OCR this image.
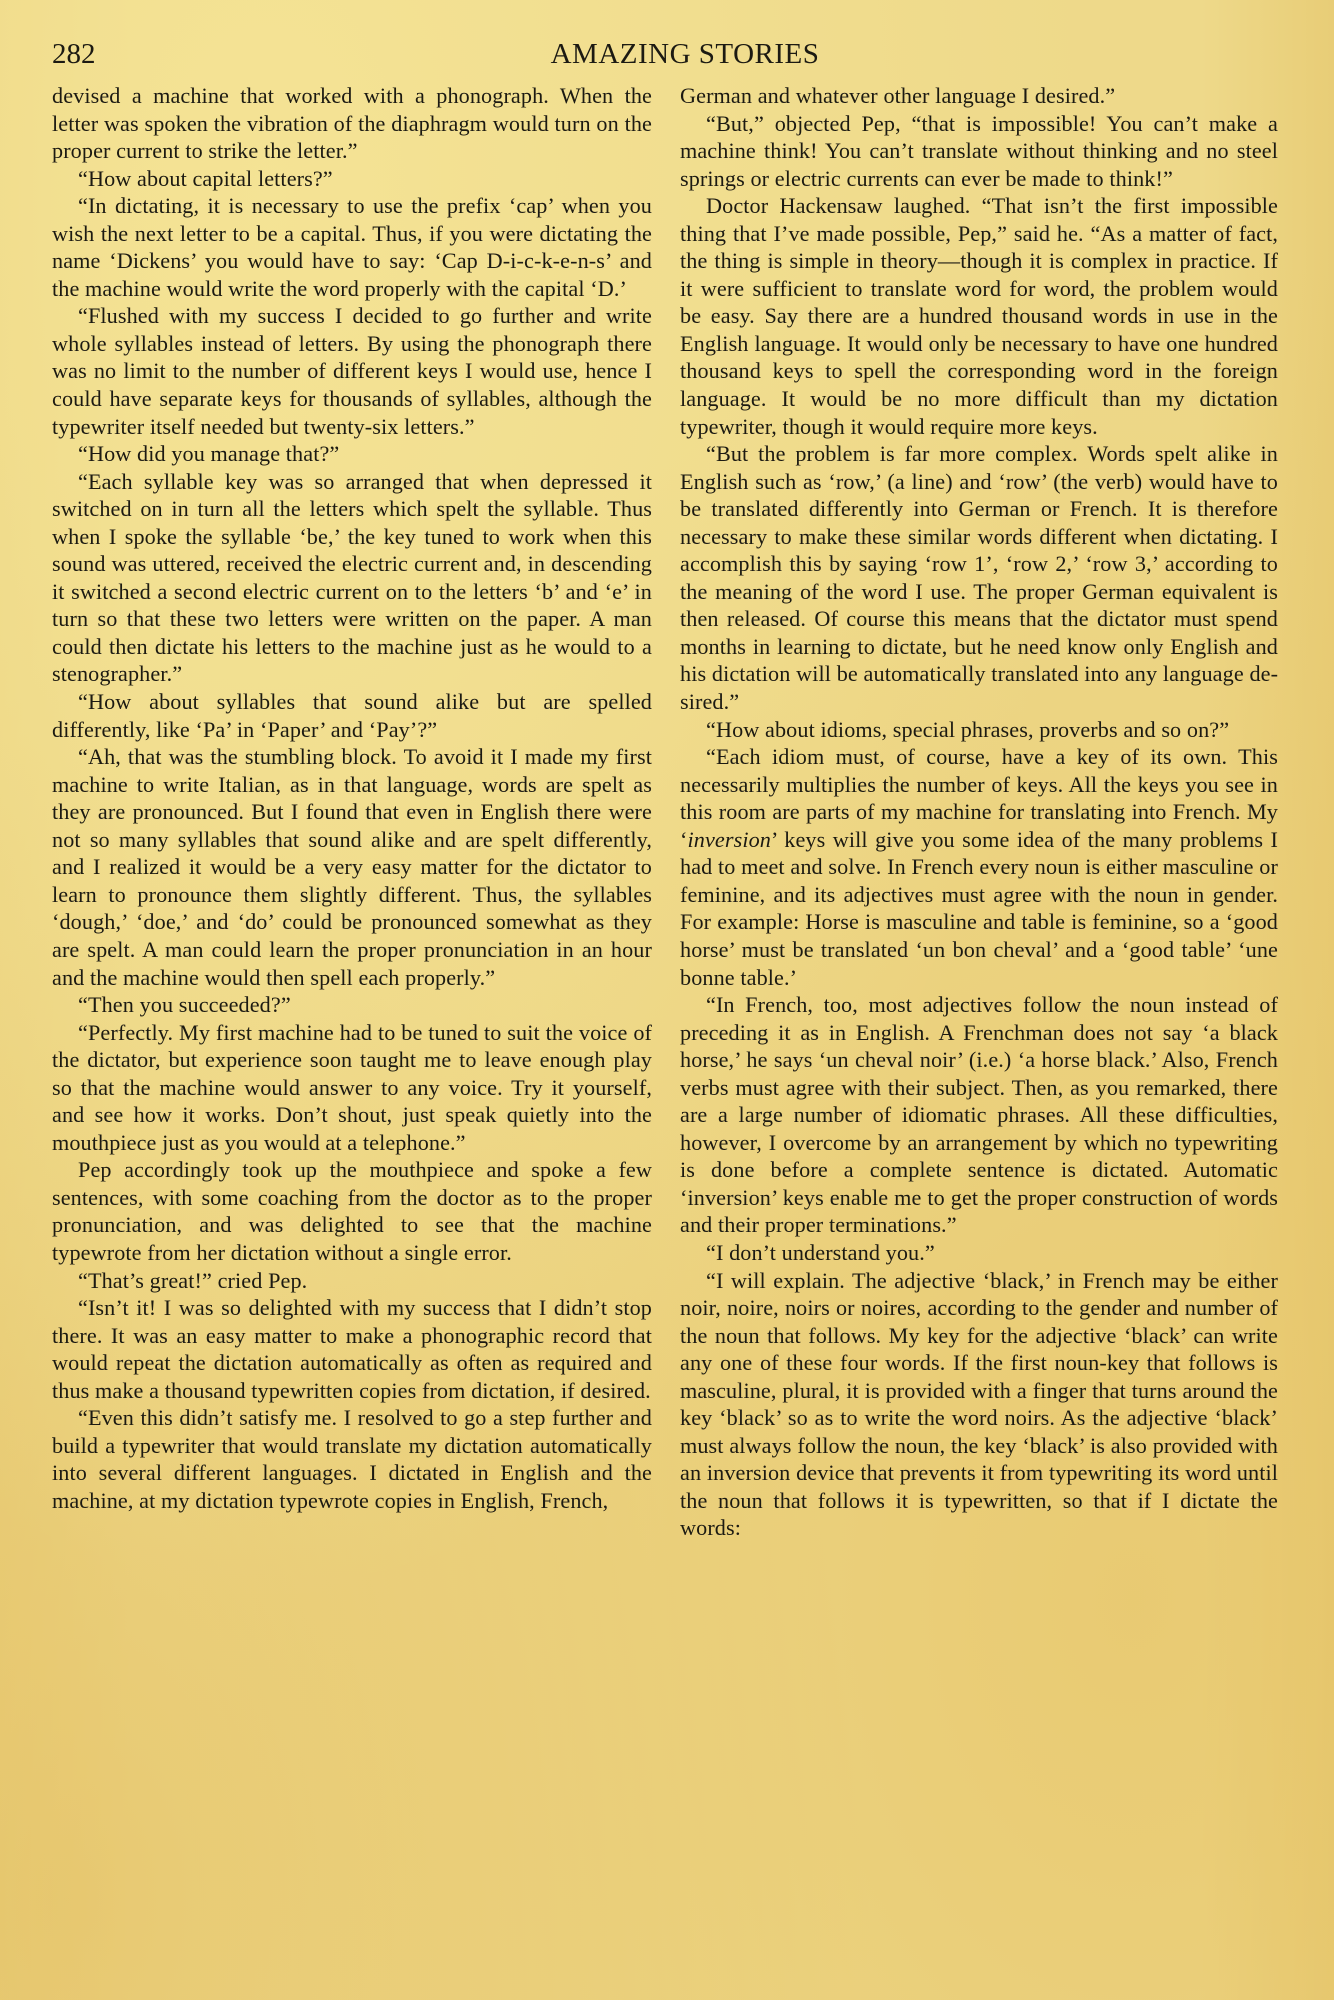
282	AMAZING STORIES

devised a machine that worked with a phonograph. When the letter was spoken the vibration of the diaphragm would turn on the proper current to strike the letter.”

“How about capital letters?”

“In dictating, it is necessary to use the prefix ‘cap’ when you wish the next letter to be a capital. Thus, if you were dictating the name ‘Dickens’ you would have to say: ‘Cap D-i-c-k-e-n-s’ and the machine would write the word properly with the capital ‘D.’

“Flushed with my success I decided to go further and write whole syllables instead of letters. By using the phonograph there was no limit to the number of different keys I would use, hence I could have separate keys for thousands of syllables, although the typewriter itself needed but twenty-six letters.”

“How did you manage that?”

“Each syllable key was so arranged that when depressed it switched on in turn all the letters which spelt the syllable. Thus when I spoke the syllable ‘be,’ the key tuned to work when this sound was uttered, received the electric current and, in descending it switched a second electric current on to the letters ‘b’ and ‘e’ in turn so that these two letters were written on the paper. A man could then dictate his letters to the machine just as he would to a stenographer.”

“How about syllables that sound alike but are spelled differently, like ‘Pa’ in ‘Paper’ and ‘Pay’?”

“Ah, that was the stumbling block. To avoid it I made my first machine to write Italian, as in that language, words are spelt as they are pronounced. But I found that even in English there were not so many syllables that sound alike and are spelt differently, and I realized it would be a very easy matter for the dictator to learn to pronounce them slightly different. Thus, the syllables ‘dough,’ ‘doe,’ and ‘do’ could be pronounced somewhat as they are spelt. A man could learn the proper pronunciation in an hour and the machine would then spell each properly.”

“Then you succeeded?”

“Perfectly. My first machine had to be tuned to suit the voice of the dictator, but experience soon taught me to leave enough play so that the machine would answer to any voice. Try it yourself, and see how it works. Don’t shout, just speak quietly into the mouthpiece just as you would at a telephone.”

Pep accordingly took up the mouthpiece and spoke a few sentences, with some coaching from the doctor as to the proper pronunciation, and was delighted to see that the machine typewrote from her dictation without a single error.

“That’s great!” cried Pep.

“Isn’t it! I was so delighted with my success that I didn’t stop there. It was an easy matter to make a phonographic record that would repeat the dictation automatically as often as required and thus make a thousand typewritten copies from dictation, if desired.

“Even this didn’t satisfy me. I resolved to go a step further and build a typewriter that would translate my dictation automatically into several different languages. I dictated in English and the machine, at my dictation typewrote copies in English, French,

German and whatever other language I desired.”

“But,” objected Pep, “that is impossible! You can’t make a machine think! You can’t translate without thinking and no steel springs or electric currents can ever be made to think!”

Doctor Hackensaw laughed. “That isn’t the first impossible thing that I’ve made possible, Pep,” said he. “As a matter of fact, the thing is simple in theory—though it is complex in practice. If it were sufficient to translate word for word, the problem would be easy. Say there are a hundred thousand words in use in the English language. It would only be necessary to have one hundred thousand keys to spell the corresponding word in the foreign language. It would be no more difficult than my dictation typewriter, though it would require more keys.

“But the problem is far more complex. Words spelt alike in English such as ‘row,’ (a line) and ‘row’ (the verb) would have to be translated differently into German or French. It is therefore necessary to make these similar words different when dictating. I accomplish this by saying ‘row 1’, ‘row 2,’ ‘row 3,’ according to the meaning of the word I use. The proper German equivalent is then released. Of course this means that the dictator must spend months in learning to dictate, but he need know only English and his dictation will be automatically translated into any language desired.”

“How about idioms, special phrases, proverbs and so on?”

“Each idiom must, of course, have a key of its own. This necessarily multiplies the number of keys. All the keys you see in this room are parts of my machine for translating into French. My ‘inversion’ keys will give you some idea of the many problems I had to meet and solve. In French every noun is either masculine or feminine, and its adjectives must agree with the noun in gender. For example: Horse is masculine and table is feminine, so a ‘good horse’ must be translated ‘un bon cheval’ and a ‘good table’ ‘une bonne table.’

“In French, too, most adjectives follow the noun instead of preceding it as in English. A Frenchman does not say ‘a black horse,’ he says ‘un cheval noir’ (i.e.) ‘a horse black.’ Also, French verbs must agree with their subject. Then, as you remarked, there are a large number of idiomatic phrases. All these difficulties, however, I overcome by an arrangement by which no typewriting is done before a complete sentence is dictated. Automatic ‘inversion’ keys enable me to get the proper construction of words and their proper terminations.”

“I don’t understand you.”

“I will explain. The adjective ‘black,’ in French may be either noir, noire, noirs or noires, according to the gender and number of the noun that follows. My key for the adjective ‘black’ can write any one of these four words. If the first noun-key that follows is masculine, plural, it is provided with a finger that turns around the key ‘black’ so as to write the word noirs. As the adjective ‘black’ must always follow the noun, the key ‘black’ is also provided with an inversion device that prevents it from typewriting its word until the noun that follows it is typewritten, so that if I dictate the words:
